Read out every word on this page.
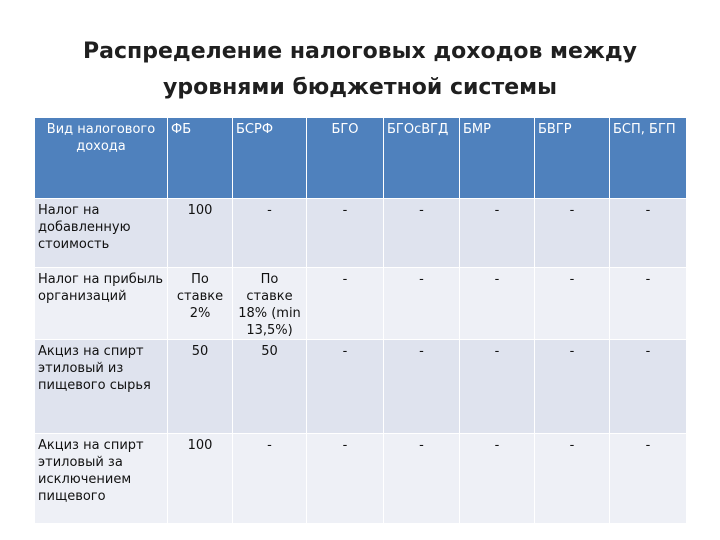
Распределение налоговых доходов между
уровнями бюджетной системы
Вид налогового дохода	ФБ	БСРФ	БГО	БГОсВГД	БМР	БВГР	БСП, БГП
Налог на добавленную стоимость	100	-	-	-	-	-	-
Налог на прибыль организаций	По ставке 2%	По ставке 18% (min 13,5%)	-	-	-	-	-
Акциз на спирт этиловый из пищевого сырья	50	50	-	-	-	-	-
Акциз на спирт этиловый за исключением пищевого	100	-	-	-	-	-	-
